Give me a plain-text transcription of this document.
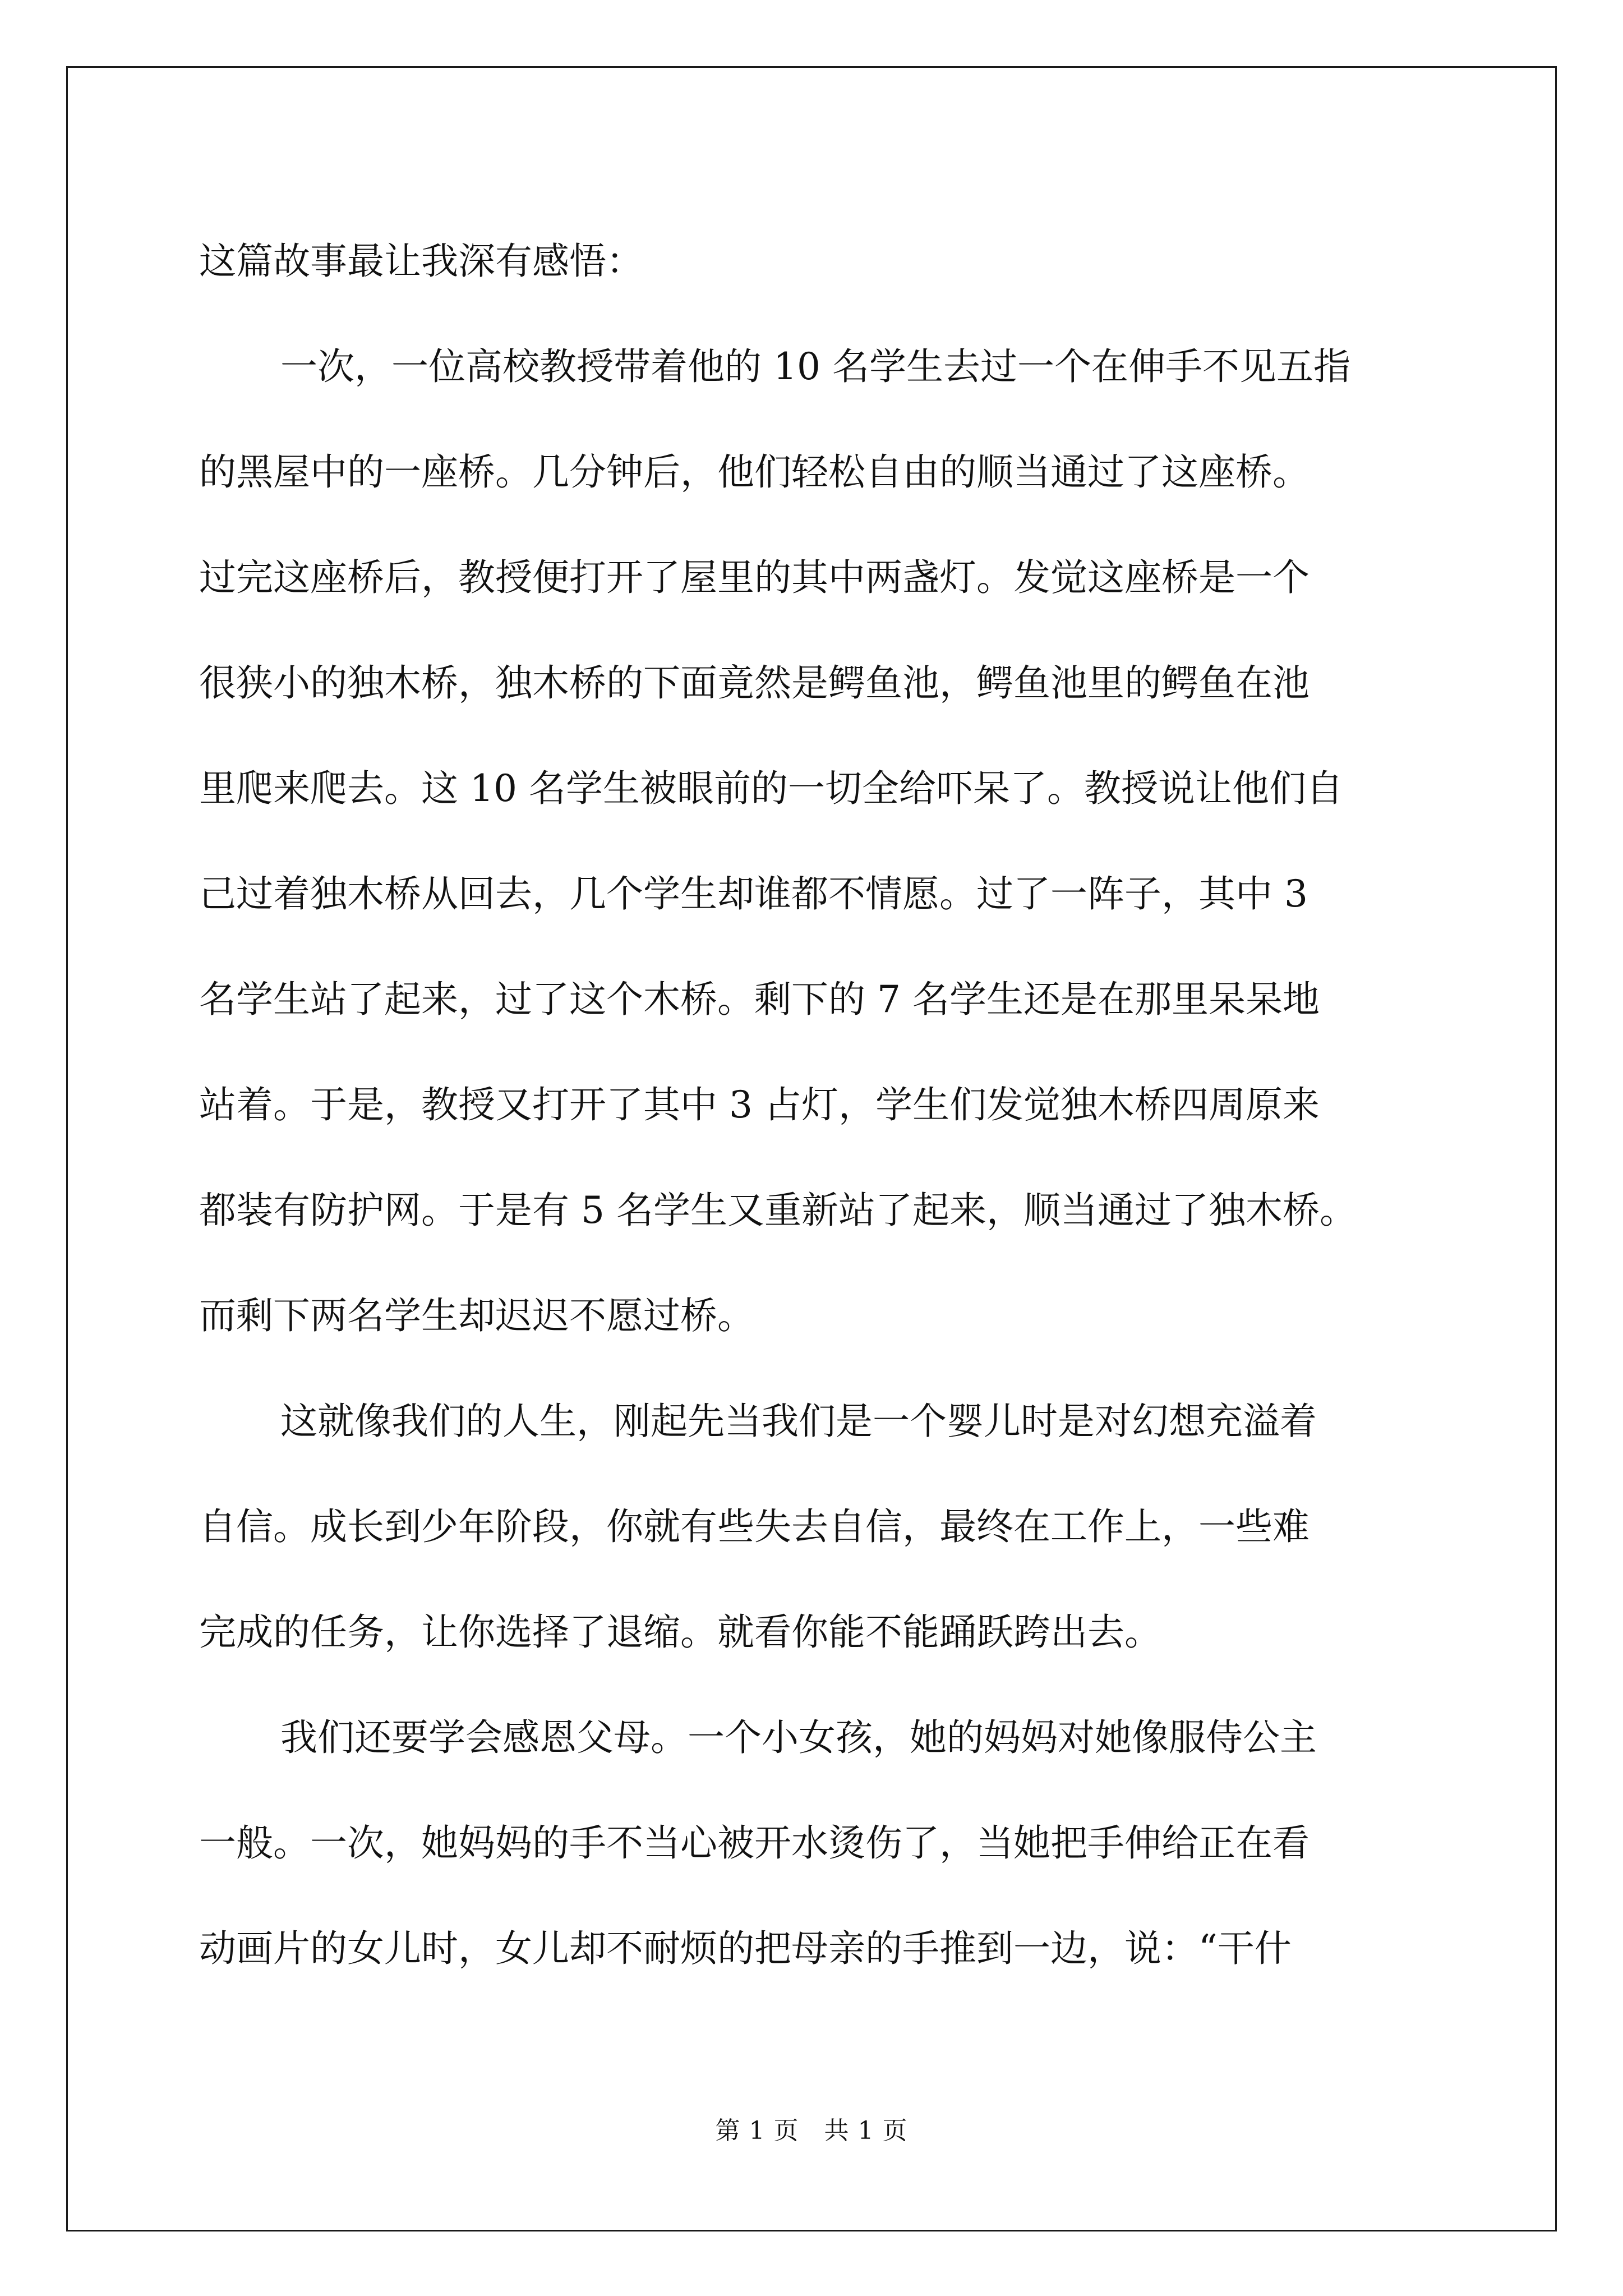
这篇故事最让我深有感悟：
一次，一位高校教授带着他的 10 名学生去过一个在伸手不见五指
的黑屋中的一座桥。几分钟后，他们轻松自由的顺当通过了这座桥。
过完这座桥后，教授便打开了屋里的其中两盏灯。发觉这座桥是一个
很狭小的独木桥，独木桥的下面竟然是鳄鱼池，鳄鱼池里的鳄鱼在池
里爬来爬去。这 10 名学生被眼前的一切全给吓呆了。教授说让他们自
己过着独木桥从回去，几个学生却谁都不情愿。过了一阵子，其中 3
名学生站了起来，过了这个木桥。剩下的 7 名学生还是在那里呆呆地
站着。于是，教授又打开了其中 3 占灯，学生们发觉独木桥四周原来
都装有防护网。于是有 5 名学生又重新站了起来，顺当通过了独木桥。
而剩下两名学生却迟迟不愿过桥。
这就像我们的人生，刚起先当我们是一个婴儿时是对幻想充溢着
自信。成长到少年阶段，你就有些失去自信，最终在工作上，一些难
完成的任务，让你选择了退缩。就看你能不能踊跃跨出去。
我们还要学会感恩父母。一个小女孩，她的妈妈对她像服侍公主
一般。一次，她妈妈的手不当心被开水烫伤了，当她把手伸给正在看
动画片的女儿时，女儿却不耐烦的把母亲的手推到一边，说：“干什
第 1 页　共 1 页
